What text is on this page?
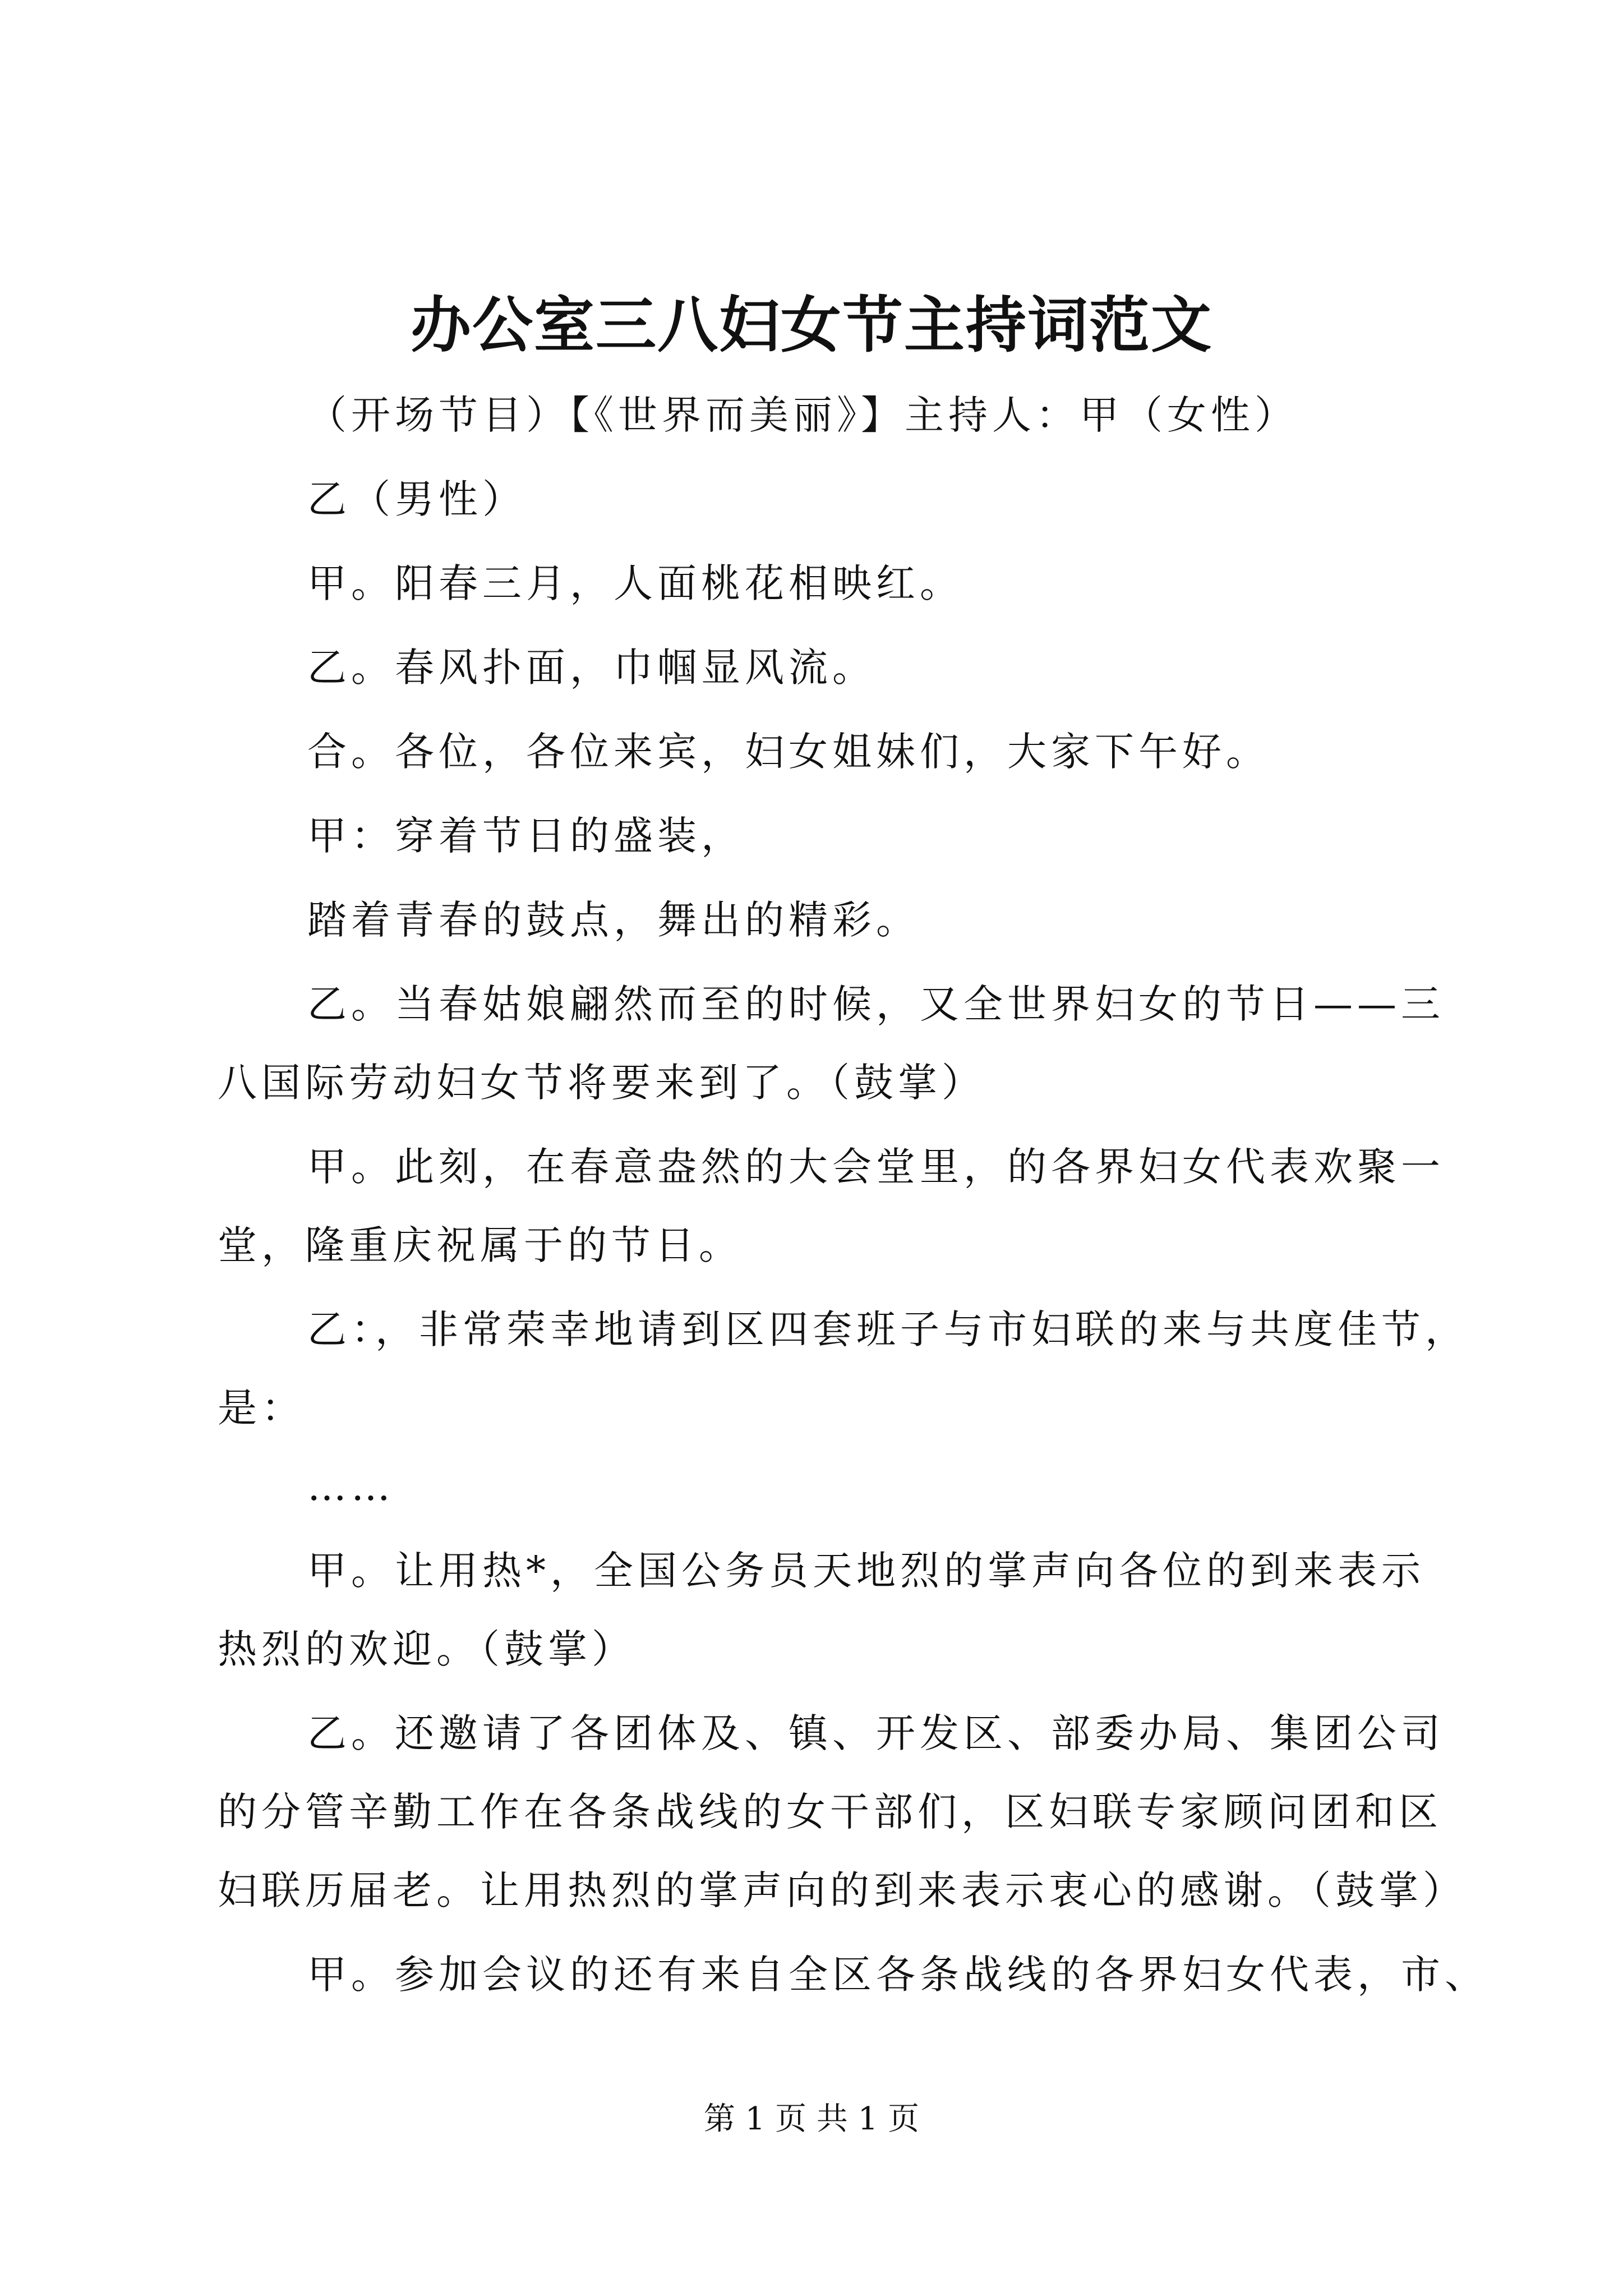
办公室三八妇女节主持词范文
（开场节目）【《世界而美丽》】主持人：甲（女性）
乙（男性）
甲。阳春三月，人面桃花相映红。
乙。春风扑面，巾帼显风流。
合。各位，各位来宾，妇女姐妹们，大家下午好。
甲：穿着节日的盛装，
踏着青春的鼓点，舞出的精彩。
乙。当春姑娘翩然而至的时候，又全世界妇女的节日——三
八国际劳动妇女节将要来到了。（鼓掌）
甲。此刻，在春意盎然的大会堂里，的各界妇女代表欢聚一
堂，隆重庆祝属于的节日。
乙：，非常荣幸地请到区四套班子与市妇联的来与共度佳节，
是：
……
甲。让用热*，全国公务员天地烈的掌声向各位的到来表示
热烈的欢迎。（鼓掌）
乙。还邀请了各团体及、镇、开发区、部委办局、集团公司
的分管辛勤工作在各条战线的女干部们，区妇联专家顾问团和区
妇联历届老。让用热烈的掌声向的到来表示衷心的感谢。（鼓掌）
甲。参加会议的还有来自全区各条战线的各界妇女代表，市、
第 1 页 共 1 页
